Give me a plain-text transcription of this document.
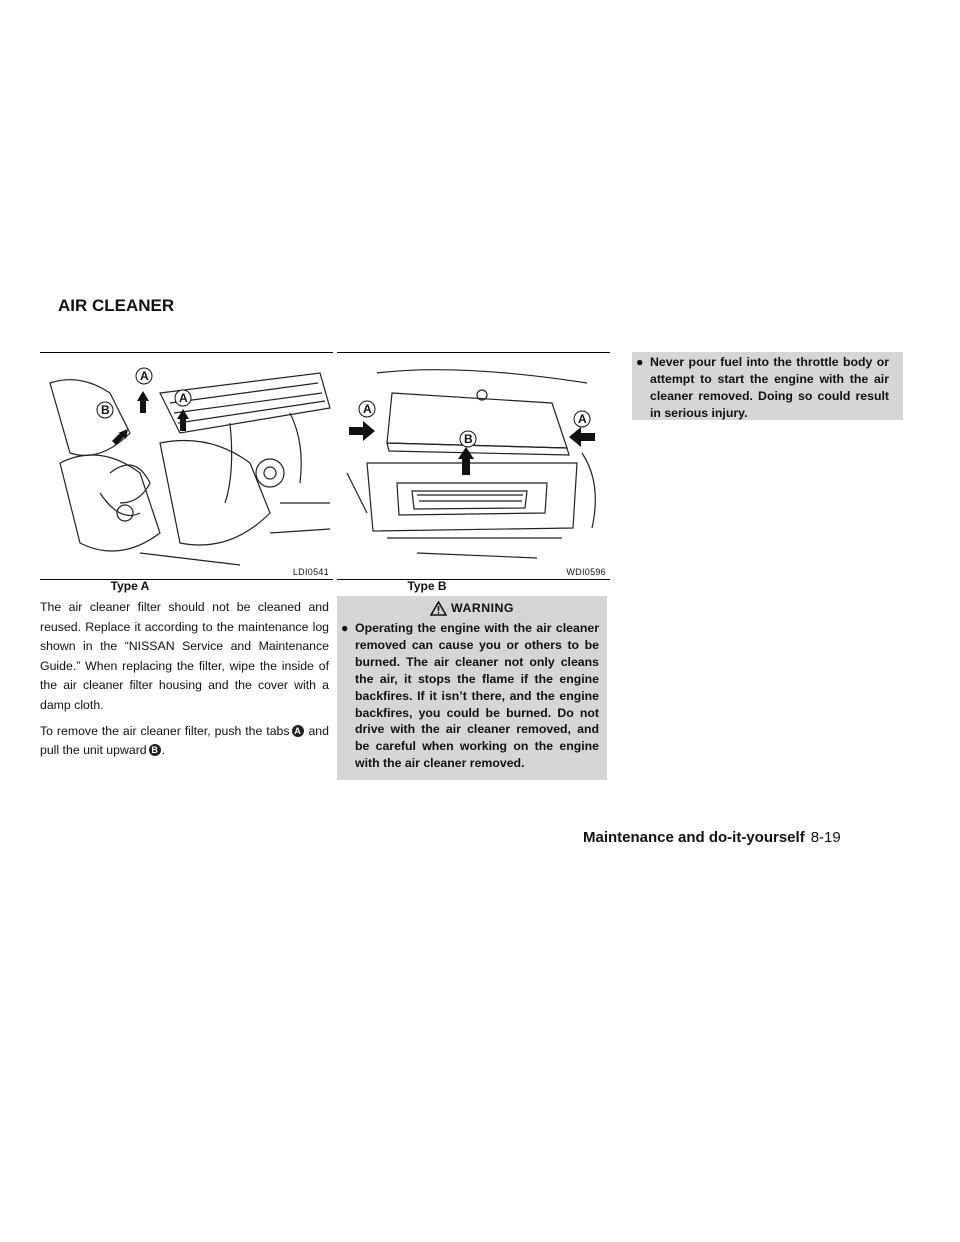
AIR CLEANER
A
A
B
LDI0541
Type A
A
A
B
WDI0596
Type B

The air cleaner filter should not be cleaned and reused. Replace it according to the maintenance log shown in the “NISSAN Service and Maintenance Guide.” When replacing the filter, wipe the inside of the air cleaner filter housing and the cover with a damp cloth.

To remove the air cleaner filter, push the tabs A and pull the unit upward B .

WARNING
● Operating the engine with the air cleaner removed can cause you or others to be burned. The air cleaner not only cleans the air, it stops the flame if the engine backfires. If it isn’t there, and the engine backfires, you could be burned. Do not drive with the air cleaner removed, and be careful when working on the engine with the air cleaner removed.
● Never pour fuel into the throttle body or attempt to start the engine with the air cleaner removed. Doing so could result in serious injury.
Maintenance and do-it-yourself 8-19
